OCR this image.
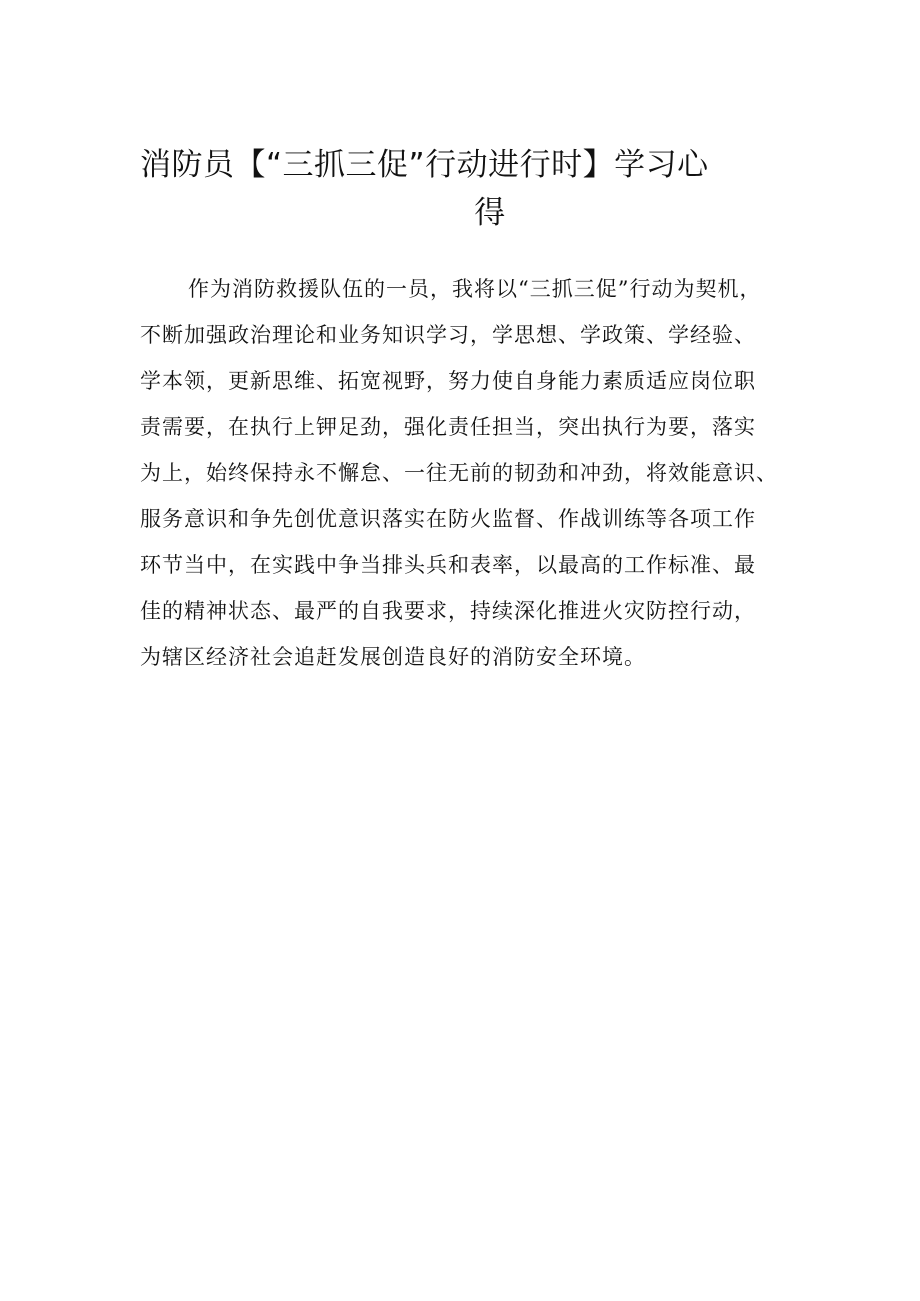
消防员【“三抓三促”行动进行时】学习心
得
作为消防救援队伍的一员，我将以“三抓三促”行动为契机，
不断加强政治理论和业务知识学习，学思想、学政策、学经验、
学本领，更新思维、拓宽视野，努力使自身能力素质适应岗位职
责需要，在执行上钾足劲，强化责任担当，突出执行为要，落实
为上，始终保持永不懈怠、一往无前的韧劲和冲劲，将效能意识、
服务意识和争先创优意识落实在防火监督、作战训练等各项工作
环节当中，在实践中争当排头兵和表率，以最高的工作标准、最
佳的精神状态、最严的自我要求，持续深化推进火灾防控行动，
为辖区经济社会追赶发展创造良好的消防安全环境。
